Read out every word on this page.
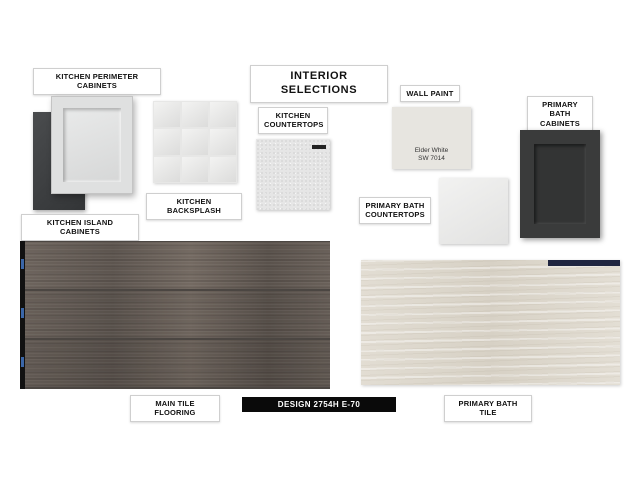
INTERIOR SELECTIONS
KITCHEN PERIMETER CABINETS
KITCHEN BACKSPLASH
KITCHEN
COUNTERTOPS
WALL PAINT
Elder White
SW 7014
PRIMARY BATH
CABINETS
PRIMARY BATH
COUNTERTOPS
KITCHEN ISLAND CABINETS
MAIN TILE FLOORING
DESIGN 2754H E-70	PRIMARY BATH TILE
